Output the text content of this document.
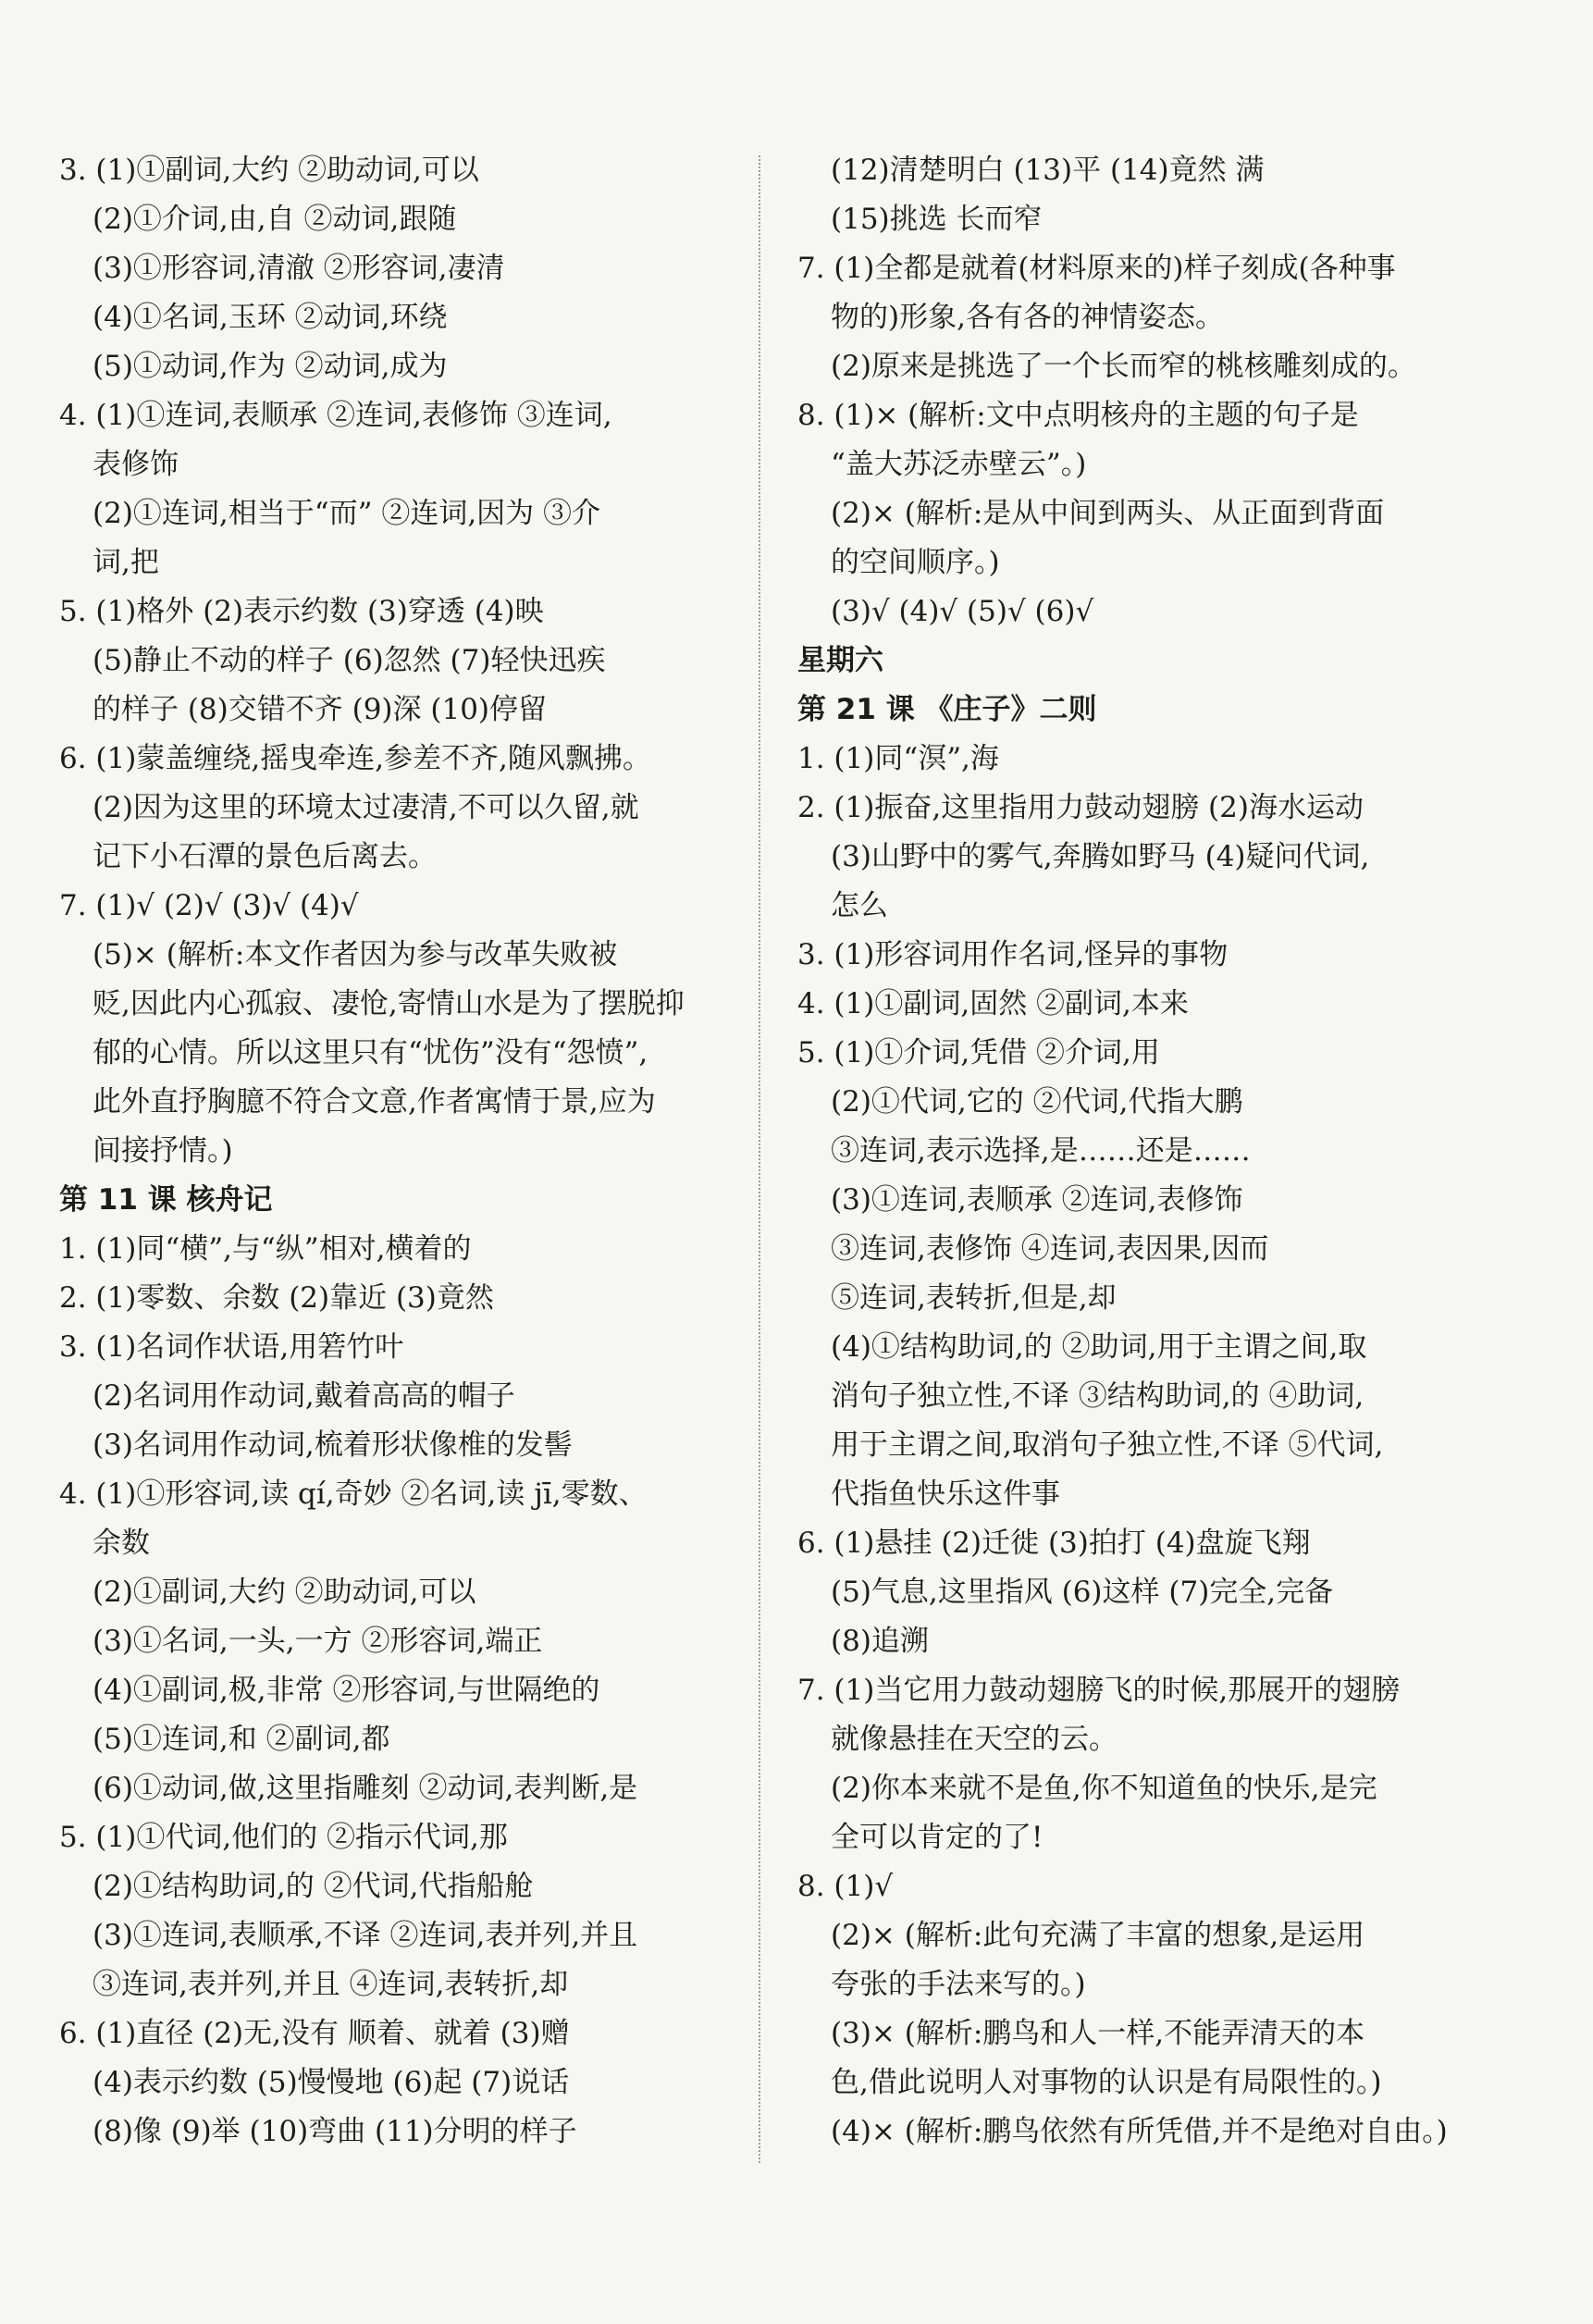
3. (1)①副词,大约 ②助动词,可以
(2)①介词,由,自 ②动词,跟随
(3)①形容词,清澈 ②形容词,凄清
(4)①名词,玉环 ②动词,环绕
(5)①动词,作为 ②动词,成为
4. (1)①连词,表顺承 ②连词,表修饰 ③连词,
表修饰
(2)①连词,相当于“而” ②连词,因为 ③介
词,把
5. (1)格外 (2)表示约数 (3)穿透 (4)映
(5)静止不动的样子 (6)忽然 (7)轻快迅疾
的样子 (8)交错不齐 (9)深 (10)停留
6. (1)蒙盖缠绕,摇曳牵连,参差不齐,随风飘拂。
(2)因为这里的环境太过凄清,不可以久留,就
记下小石潭的景色后离去。
7. (1)√ (2)√ (3)√ (4)√
(5)× (解析:本文作者因为参与改革失败被
贬,因此内心孤寂、凄怆,寄情山水是为了摆脱抑
郁的心情。所以这里只有“忧伤”没有“怨愤”,
此外直抒胸臆不符合文意,作者寓情于景,应为
间接抒情。)
第 11 课 核舟记
1. (1)同“横”,与“纵”相对,横着的
2. (1)零数、余数 (2)靠近 (3)竟然
3. (1)名词作状语,用箬竹叶
(2)名词用作动词,戴着高高的帽子
(3)名词用作动词,梳着形状像椎的发髻
4. (1)①形容词,读 qí,奇妙 ②名词,读 jī,零数、
余数
(2)①副词,大约 ②助动词,可以
(3)①名词,一头,一方 ②形容词,端正
(4)①副词,极,非常 ②形容词,与世隔绝的
(5)①连词,和 ②副词,都
(6)①动词,做,这里指雕刻 ②动词,表判断,是
5. (1)①代词,他们的 ②指示代词,那
(2)①结构助词,的 ②代词,代指船舱
(3)①连词,表顺承,不译 ②连词,表并列,并且
③连词,表并列,并且 ④连词,表转折,却
6. (1)直径 (2)无,没有 顺着、就着 (3)赠
(4)表示约数 (5)慢慢地 (6)起 (7)说话
(8)像 (9)举 (10)弯曲 (11)分明的样子
(12)清楚明白 (13)平 (14)竟然 满
(15)挑选 长而窄
7. (1)全都是就着(材料原来的)样子刻成(各种事
物的)形象,各有各的神情姿态。
(2)原来是挑选了一个长而窄的桃核雕刻成的。
8. (1)× (解析:文中点明核舟的主题的句子是
“盖大苏泛赤壁云”。)
(2)× (解析:是从中间到两头、从正面到背面
的空间顺序。)
(3)√ (4)√ (5)√ (6)√
星期六
第 21 课 《庄子》二则
1. (1)同“溟”,海
2. (1)振奋,这里指用力鼓动翅膀 (2)海水运动
(3)山野中的雾气,奔腾如野马 (4)疑问代词,
怎么
3. (1)形容词用作名词,怪异的事物
4. (1)①副词,固然 ②副词,本来
5. (1)①介词,凭借 ②介词,用
(2)①代词,它的 ②代词,代指大鹏
③连词,表示选择,是……还是……
(3)①连词,表顺承 ②连词,表修饰
③连词,表修饰 ④连词,表因果,因而
⑤连词,表转折,但是,却
(4)①结构助词,的 ②助词,用于主谓之间,取
消句子独立性,不译 ③结构助词,的 ④助词,
用于主谓之间,取消句子独立性,不译 ⑤代词,
代指鱼快乐这件事
6. (1)悬挂 (2)迁徙 (3)拍打 (4)盘旋飞翔
(5)气息,这里指风 (6)这样 (7)完全,完备
(8)追溯
7. (1)当它用力鼓动翅膀飞的时候,那展开的翅膀
就像悬挂在天空的云。
(2)你本来就不是鱼,你不知道鱼的快乐,是完
全可以肯定的了!
8. (1)√
(2)× (解析:此句充满了丰富的想象,是运用
夸张的手法来写的。)
(3)× (解析:鹏鸟和人一样,不能弄清天的本
色,借此说明人对事物的认识是有局限性的。)
(4)× (解析:鹏鸟依然有所凭借,并不是绝对自由。)
